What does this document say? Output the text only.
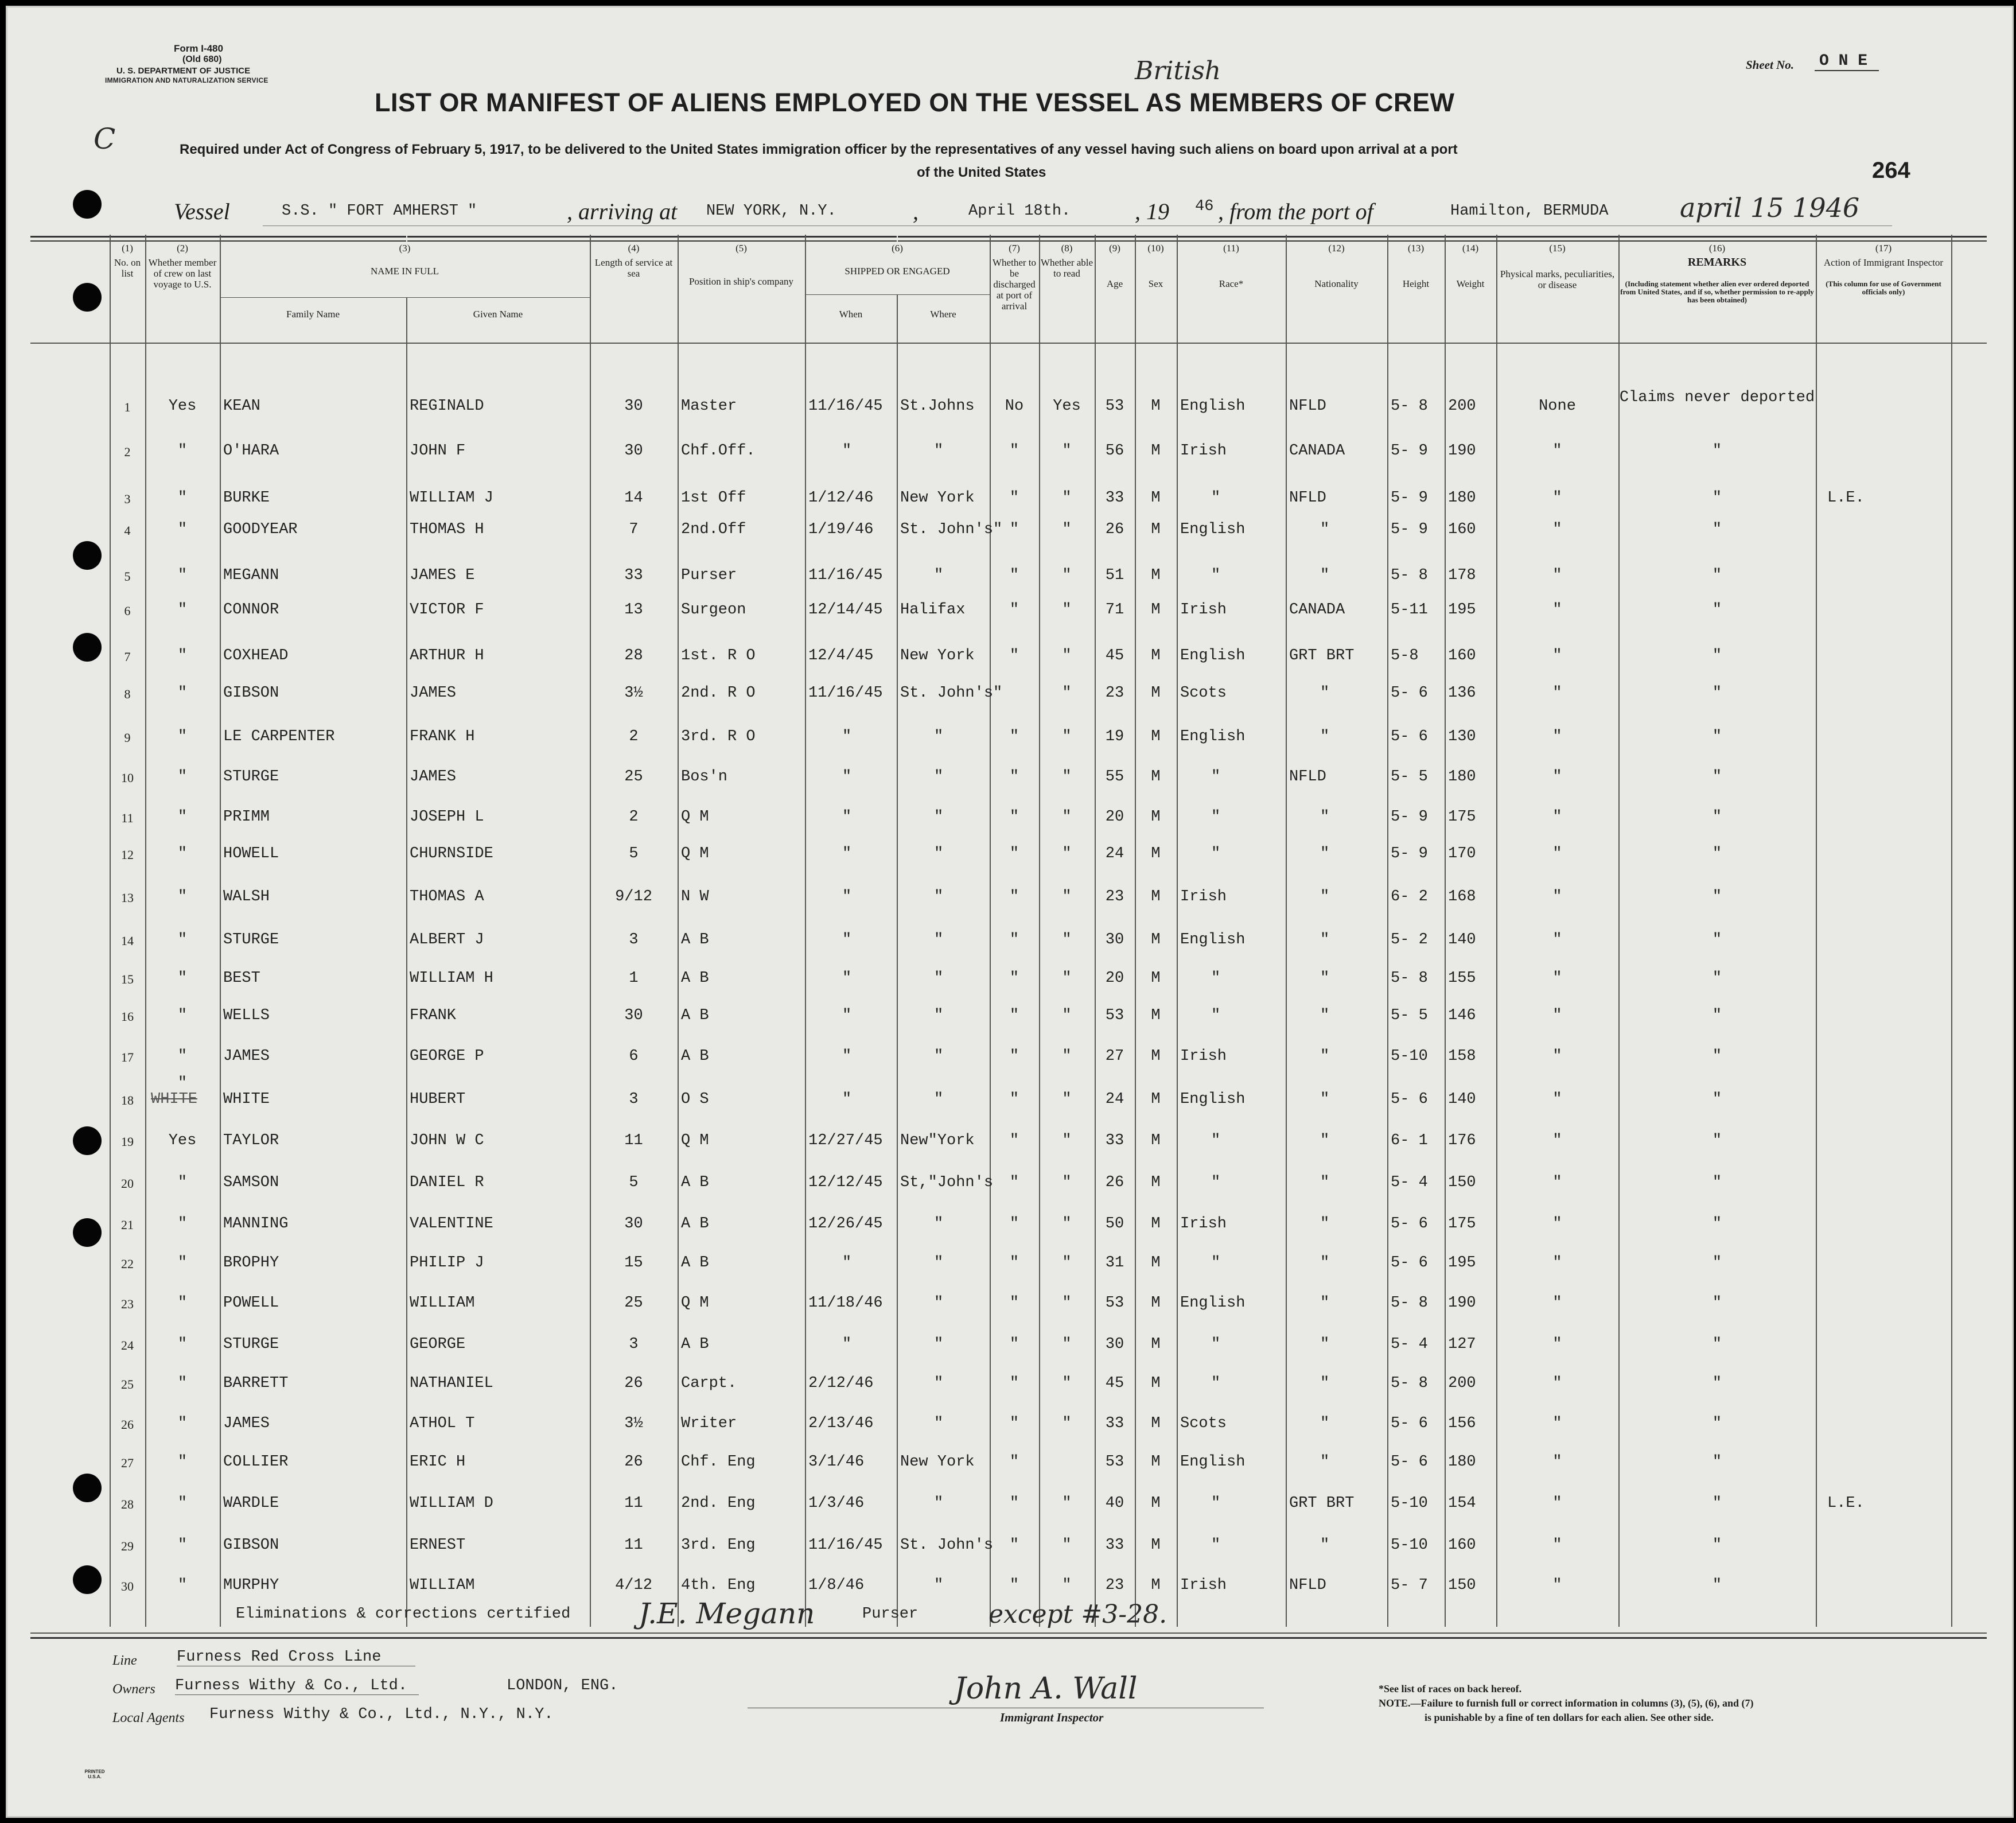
Form I-480
(Old 680)
U. S. DEPARTMENT OF JUSTICE
IMMIGRATION AND NATURALIZATION SERVICE
C
Sheet No. O N E
British
LIST OR MANIFEST OF ALIENS EMPLOYED ON THE VESSEL AS MEMBERS OF CREW
Required under Act of Congress of February 5, 1917, to be delivered to the United States immigration officer by the representatives of any vessel having such aliens on board upon arrival at a port
of the United States	264
Vessel	S.S. " FORT AMHERST "	, arriving at NEW YORK, N.Y.	,	April 18th.	, 19 46 , from the port of	Hamilton, BERMUDA	april 15 1946
(1)
No. on list
(2)
Whether member of crew on last voyage to U.S.
(3)
NAME IN FULL
Family Name	Given Name
(4)
Length of service at sea
(5)
Position in ship's company
(6)
SHIPPED OR ENGAGED
When	Where
(7)
Whether to be discharged at port of arrival
(8)
Whether able to read
(9)
Age
(10)
Sex
(11)
Race*
(12)
Nationality
(13)
Height
(14)
Weight
(15)
Physical marks, peculiarities, or disease
(16)
REMARKS
(Including statement whether alien ever ordered deported from United States, and if so, whether permission to re-apply has been obtained)
(17)
Action of Immigrant Inspector
(This column for use of Government officials only)
1	Yes	KEAN	REGINALD	30	Master	11/16/45 St.Johns	No	Yes	53	M	English	NFLD	5- 8 200	None	Claims never deported
2	"	O'HARA	JOHN F	30	Chf.Off.	"	"	"	"	56	M	Irish	CANADA	5- 9 190	"	"
3	"	BURKE	WILLIAM J	14	1st Off	1/12/46 New York	"	"	33	M	"	NFLD	5- 9 180	"	"	L.E.
4	"	GOODYEAR	THOMAS H	7	2nd.Off	1/19/46 St. John's" "	"	26	M	English	"	5- 9 160	"	"
5	"	MEGANN	JAMES E	33	Purser	11/16/45	"	"	"	51	M	"	"	5- 8 178	"	"
6	"	CONNOR	VICTOR F	13	Surgeon	12/14/45 Halifax	"	"	71	M	Irish	CANADA	5-11 195	"	"
7	"	COXHEAD	ARTHUR H	28	1st. R O	12/4/45 New York	"	"	45	M	English	GRT BRT 5-8 160	"	"
8	"	GIBSON	JAMES	3½	2nd. R O	11/16/45 St. John's"	"	23	M	Scots	"	5- 6 136	"	"
9	"	LE CARPENTER	FRANK H	2	3rd. R O	"	"	"	"	19	M	English	"	5- 6 130	"	"
10	"	STURGE	JAMES	25	Bos'n	"	"	"	"	55	M	"	NFLD	5- 5 180	"	"
11	"	PRIMM	JOSEPH L	2	Q M	"	"	"	"	20	M	"	"	5- 9 175	"	"
12	"	HOWELL	CHURNSIDE	5	Q M	"	"	"	"	24	M	"	"	5- 9 170	"	"
13	"	WALSH	THOMAS A	9/12	N W	"	"	"	"	23	M	Irish	"	6- 2 168	"	"
14	"	STURGE	ALBERT J	3	A B	"	"	"	"	30	M	English	"	5- 2 140	"	"
15	"	BEST	WILLIAM H	1	A B	"	"	"	"	20	M	"	"	5- 8 155	"	"
16	"	WELLS	FRANK	30	A B	"	"	"	"	53	M	"	"	5- 5 146	"	"
17	"	JAMES	GEORGE P	6	A B	"	"	"	"	27	M	Irish	"	5-10 158	"	"
18
"
WHITE	HUBERT	3	O S	"	"	"	"	24	M	English	"	5- 6 140	"	"
WHITE
19	Yes	TAYLOR	JOHN W C	11	Q M	12/27/45 New"York	"	"	33	M	"	"	6- 1 176	"	"
20	"	SAMSON	DANIEL R	5	A B	12/12/45 St,"John's	"	"	26	M	"	"	5- 4 150	"	"
21	"	MANNING	VALENTINE	30	A B	12/26/45	"	"	"	50	M	Irish	"	5- 6 175	"	"
22	"	BROPHY	PHILIP J	15	A B	"	"	"	"	31	M	"	"	5- 6 195	"	"
23	"	POWELL	WILLIAM	25	Q M	11/18/46	"	"	"	53	M	English	"	5- 8 190	"	"
24	"	STURGE	GEORGE	3	A B	"	"	"	"	30	M	"	"	5- 4 127	"	"
25	"	BARRETT	NATHANIEL	26	Carpt.	2/12/46	"	"	"	45	M	"	"	5- 8 200	"	"
26	"	JAMES	ATHOL T	3½	Writer	2/13/46	"	"	"	33	M	Scots	"	5- 6 156	"	"
27	"	COLLIER	ERIC H	26	Chf. Eng	3/1/46 New York	"	53	M	English	"	5- 6 180	"	"
28	"	WARDLE	WILLIAM D	11	2nd. Eng	1/3/46	"	"	"	40	M	"	GRT BRT 5-10 154	"	"	L.E.
29	"	GIBSON	ERNEST	11	3rd. Eng	11/16/45 St. John's	"	"	33	M	"	"	5-10 160	"	"
30	"	MURPHY	WILLIAM	4/12	4th. Eng	1/8/46	"	"	"	23	M	Irish	NFLD	5- 7 150	"	"
Eliminations & corrections certified J.E. Megann	Purser	except #3-28.
Line	Furness Red Cross Line
Owners Furness Withy & Co., Ltd.	LONDON, ENG.
Local Agents Furness Withy & Co., Ltd., N.Y., N.Y.
John A. Wall
Immigrant Inspector
*See list of races on back hereof.
NOTE.—Failure to furnish full or correct information in columns (3), (5), (6), and (7)
is punishable by a fine of ten dollars for each alien. See other side.
PRINTED U.S.A.
